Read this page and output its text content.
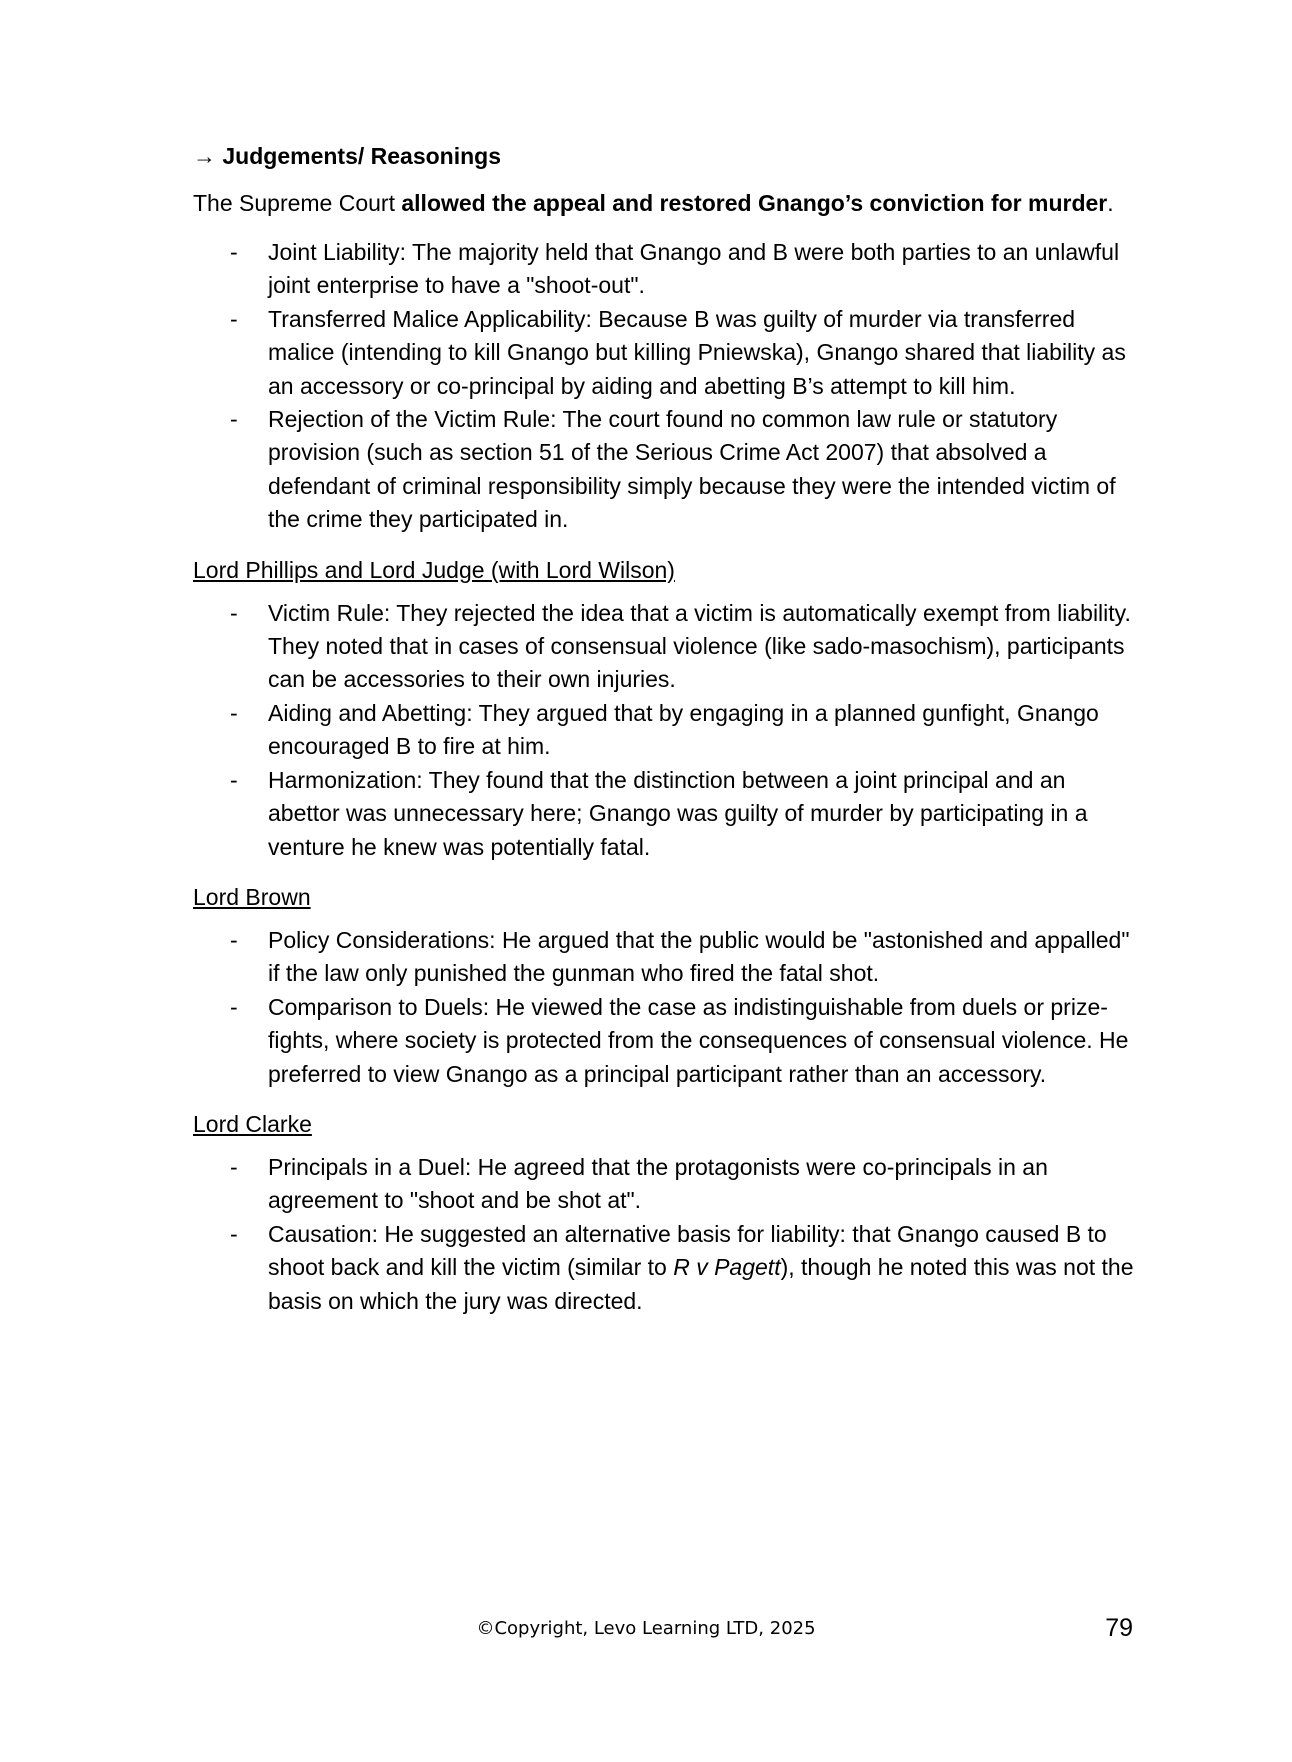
→ Judgements/ Reasonings

The Supreme Court allowed the appeal and restored Gnango’s conviction for murder.

- Joint Liability: The majority held that Gnango and B were both parties to an unlawful joint enterprise to have a "shoot-out".
- Transferred Malice Applicability: Because B was guilty of murder via transferred malice (intending to kill Gnango but killing Pniewska), Gnango shared that liability as an accessory or co-principal by aiding and abetting B’s attempt to kill him.
- Rejection of the Victim Rule: The court found no common law rule or statutory provision (such as section 51 of the Serious Crime Act 2007) that absolved a defendant of criminal responsibility simply because they were the intended victim of the crime they participated in.

Lord Phillips and Lord Judge (with Lord Wilson)

- Victim Rule: They rejected the idea that a victim is automatically exempt from liability. They noted that in cases of consensual violence (like sado-masochism), participants can be accessories to their own injuries.
- Aiding and Abetting: They argued that by engaging in a planned gunfight, Gnango encouraged B to fire at him.
- Harmonization: They found that the distinction between a joint principal and an abettor was unnecessary here; Gnango was guilty of murder by participating in a venture he knew was potentially fatal.

Lord Brown

- Policy Considerations: He argued that the public would be "astonished and appalled" if the law only punished the gunman who fired the fatal shot.
- Comparison to Duels: He viewed the case as indistinguishable from duels or prize-fights, where society is protected from the consequences of consensual violence. He preferred to view Gnango as a principal participant rather than an accessory.

Lord Clarke

- Principals in a Duel: He agreed that the protagonists were co-principals in an agreement to "shoot and be shot at".
- Causation: He suggested an alternative basis for liability: that Gnango caused B to shoot back and kill the victim (similar to R v Pagett), though he noted this was not the basis on which the jury was directed.
©Copyright, Levo Learning LTD, 2025	79
